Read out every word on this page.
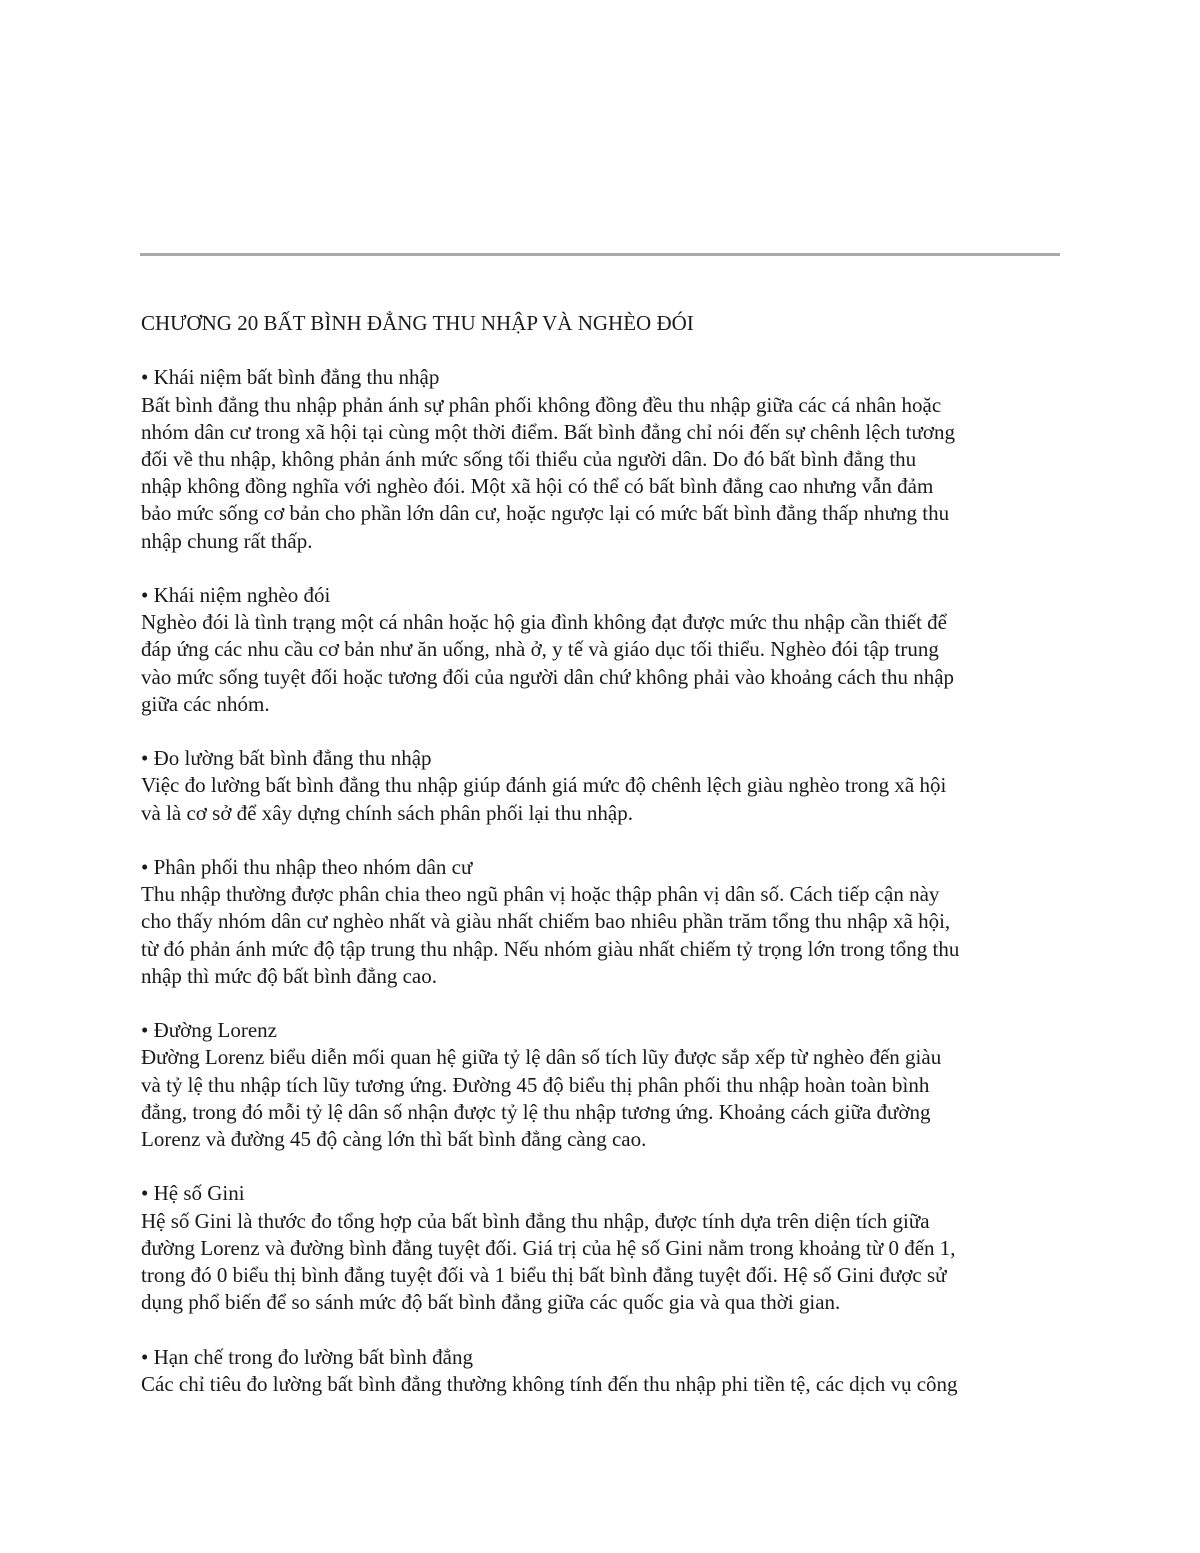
CHƯƠNG 20 BẤT BÌNH ĐẲNG THU NHẬP VÀ NGHÈO ĐÓI
• Khái niệm bất bình đẳng thu nhập
Bất bình đẳng thu nhập phản ánh sự phân phối không đồng đều thu nhập giữa các cá nhân hoặc
nhóm dân cư trong xã hội tại cùng một thời điểm. Bất bình đẳng chỉ nói đến sự chênh lệch tương
đối về thu nhập, không phản ánh mức sống tối thiểu của người dân. Do đó bất bình đẳng thu
nhập không đồng nghĩa với nghèo đói. Một xã hội có thể có bất bình đẳng cao nhưng vẫn đảm
bảo mức sống cơ bản cho phần lớn dân cư, hoặc ngược lại có mức bất bình đẳng thấp nhưng thu
nhập chung rất thấp.
• Khái niệm nghèo đói
Nghèo đói là tình trạng một cá nhân hoặc hộ gia đình không đạt được mức thu nhập cần thiết để
đáp ứng các nhu cầu cơ bản như ăn uống, nhà ở, y tế và giáo dục tối thiểu. Nghèo đói tập trung
vào mức sống tuyệt đối hoặc tương đối của người dân chứ không phải vào khoảng cách thu nhập
giữa các nhóm.
• Đo lường bất bình đẳng thu nhập
Việc đo lường bất bình đẳng thu nhập giúp đánh giá mức độ chênh lệch giàu nghèo trong xã hội
và là cơ sở để xây dựng chính sách phân phối lại thu nhập.
• Phân phối thu nhập theo nhóm dân cư
Thu nhập thường được phân chia theo ngũ phân vị hoặc thập phân vị dân số. Cách tiếp cận này
cho thấy nhóm dân cư nghèo nhất và giàu nhất chiếm bao nhiêu phần trăm tổng thu nhập xã hội,
từ đó phản ánh mức độ tập trung thu nhập. Nếu nhóm giàu nhất chiếm tỷ trọng lớn trong tổng thu
nhập thì mức độ bất bình đẳng cao.
• Đường Lorenz
Đường Lorenz biểu diễn mối quan hệ giữa tỷ lệ dân số tích lũy được sắp xếp từ nghèo đến giàu
và tỷ lệ thu nhập tích lũy tương ứng. Đường 45 độ biểu thị phân phối thu nhập hoàn toàn bình
đẳng, trong đó mỗi tỷ lệ dân số nhận được tỷ lệ thu nhập tương ứng. Khoảng cách giữa đường
Lorenz và đường 45 độ càng lớn thì bất bình đẳng càng cao.
• Hệ số Gini
Hệ số Gini là thước đo tổng hợp của bất bình đẳng thu nhập, được tính dựa trên diện tích giữa
đường Lorenz và đường bình đẳng tuyệt đối. Giá trị của hệ số Gini nằm trong khoảng từ 0 đến 1,
trong đó 0 biểu thị bình đẳng tuyệt đối và 1 biểu thị bất bình đẳng tuyệt đối. Hệ số Gini được sử
dụng phổ biến để so sánh mức độ bất bình đẳng giữa các quốc gia và qua thời gian.
• Hạn chế trong đo lường bất bình đẳng
Các chỉ tiêu đo lường bất bình đẳng thường không tính đến thu nhập phi tiền tệ, các dịch vụ công
